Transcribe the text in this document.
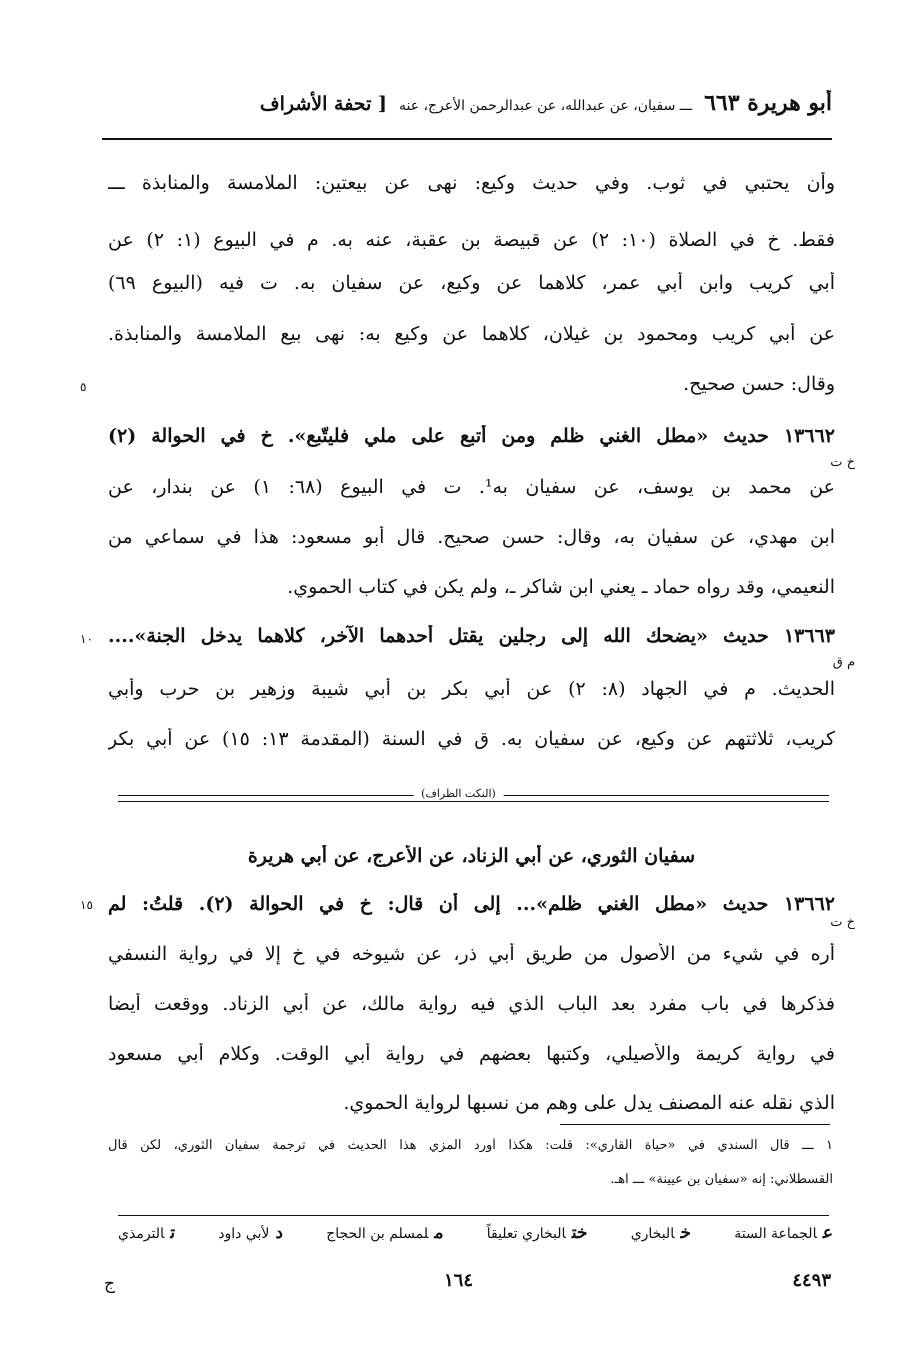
أبو هريرة ٦٦٣
ـــ سفيان، عن عبدالله، عن عبدالرحمن الأعرج، عنه
[ تحفة الأشراف
وأن يحتبي في ثوب. وفي حديث وكيع: نهى عن بيعتين: الملامسة والمنابذة ـــ
فقط. خ في الصلاة (١٠: ٢) عن قبيصة بن عقبة، عنه به. م في البيوع (١: ٢) عن
أبي كريب وابن أبي عمر، كلاهما عن وكيع، عن سفيان به. ت فيه (البيوع ٦٩)
عن أبي كريب ومحمود بن غيلان، كلاهما عن وكيع به: نهى بيع الملامسة والمنابذة.
وقال: حسن صحيح.
١٣٦٦٢ حديث «مطل الغني ظلم ومن أتبع على ملي فليتّبع». خ في الحوالة (٢)
عن محمد بن يوسف، عن سفيان به¹. ت في البيوع (٦٨: ١) عن بندار، عن
ابن مهدي، عن سفيان به، وقال: حسن صحيح. قال أبو مسعود: هذا في سماعي من
النعيمي، وقد رواه حماد ـ يعني ابن شاكر ـ، ولم يكن في كتاب الحموي.
١٣٦٦٣ حديث «يضحك الله إلى رجلين يقتل أحدهما الآخر، كلاهما يدخل الجنة»....
الحديث. م في الجهاد (٨: ٢) عن أبي بكر بن أبي شيبة وزهير بن حرب وأبي
كريب، ثلاثتهم عن وكيع، عن سفيان به. ق في السنة (المقدمة ١٣: ١٥) عن أبي بكر
خ ت
م ق
خ ت
٥
١٠
١٥
(النكت الظراف)
سفيان الثوري، عن أبي الزناد، عن الأعرج، عن أبي هريرة
١٣٦٦٢ حديث «مطل الغني ظلم»... إلى أن قال: خ في الحوالة (٢). قلتُ: لم
أره في شيء من الأصول من طريق أبي ذر، عن شيوخه في خ إلا في رواية النسفي
فذكرها في باب مفرد بعد الباب الذي فيه رواية مالك، عن أبي الزناد. ووقعت أيضا
في رواية كريمة والأصيلي، وكتبها بعضهم في رواية أبي الوقت. وكلام أبي مسعود
الذي نقله عنه المصنف يدل على وهم من نسبها لرواية الحموي.
١ ـــ قال السندي في «حياة القاري»: قلت: هكذا أورد المزي هذا الحديث في ترجمة سفيان الثوري، لكن قال
القسطلاني: إنه «سفيان بن عيينة» ـــ اهـ.
عالجماعة الستة
خالبخاري
ختالبخاري تعليقاً
ملمسلم بن الحجاج
دلأبي داود
تالترمذي
٤٤٩٣
١٦٤
ج
